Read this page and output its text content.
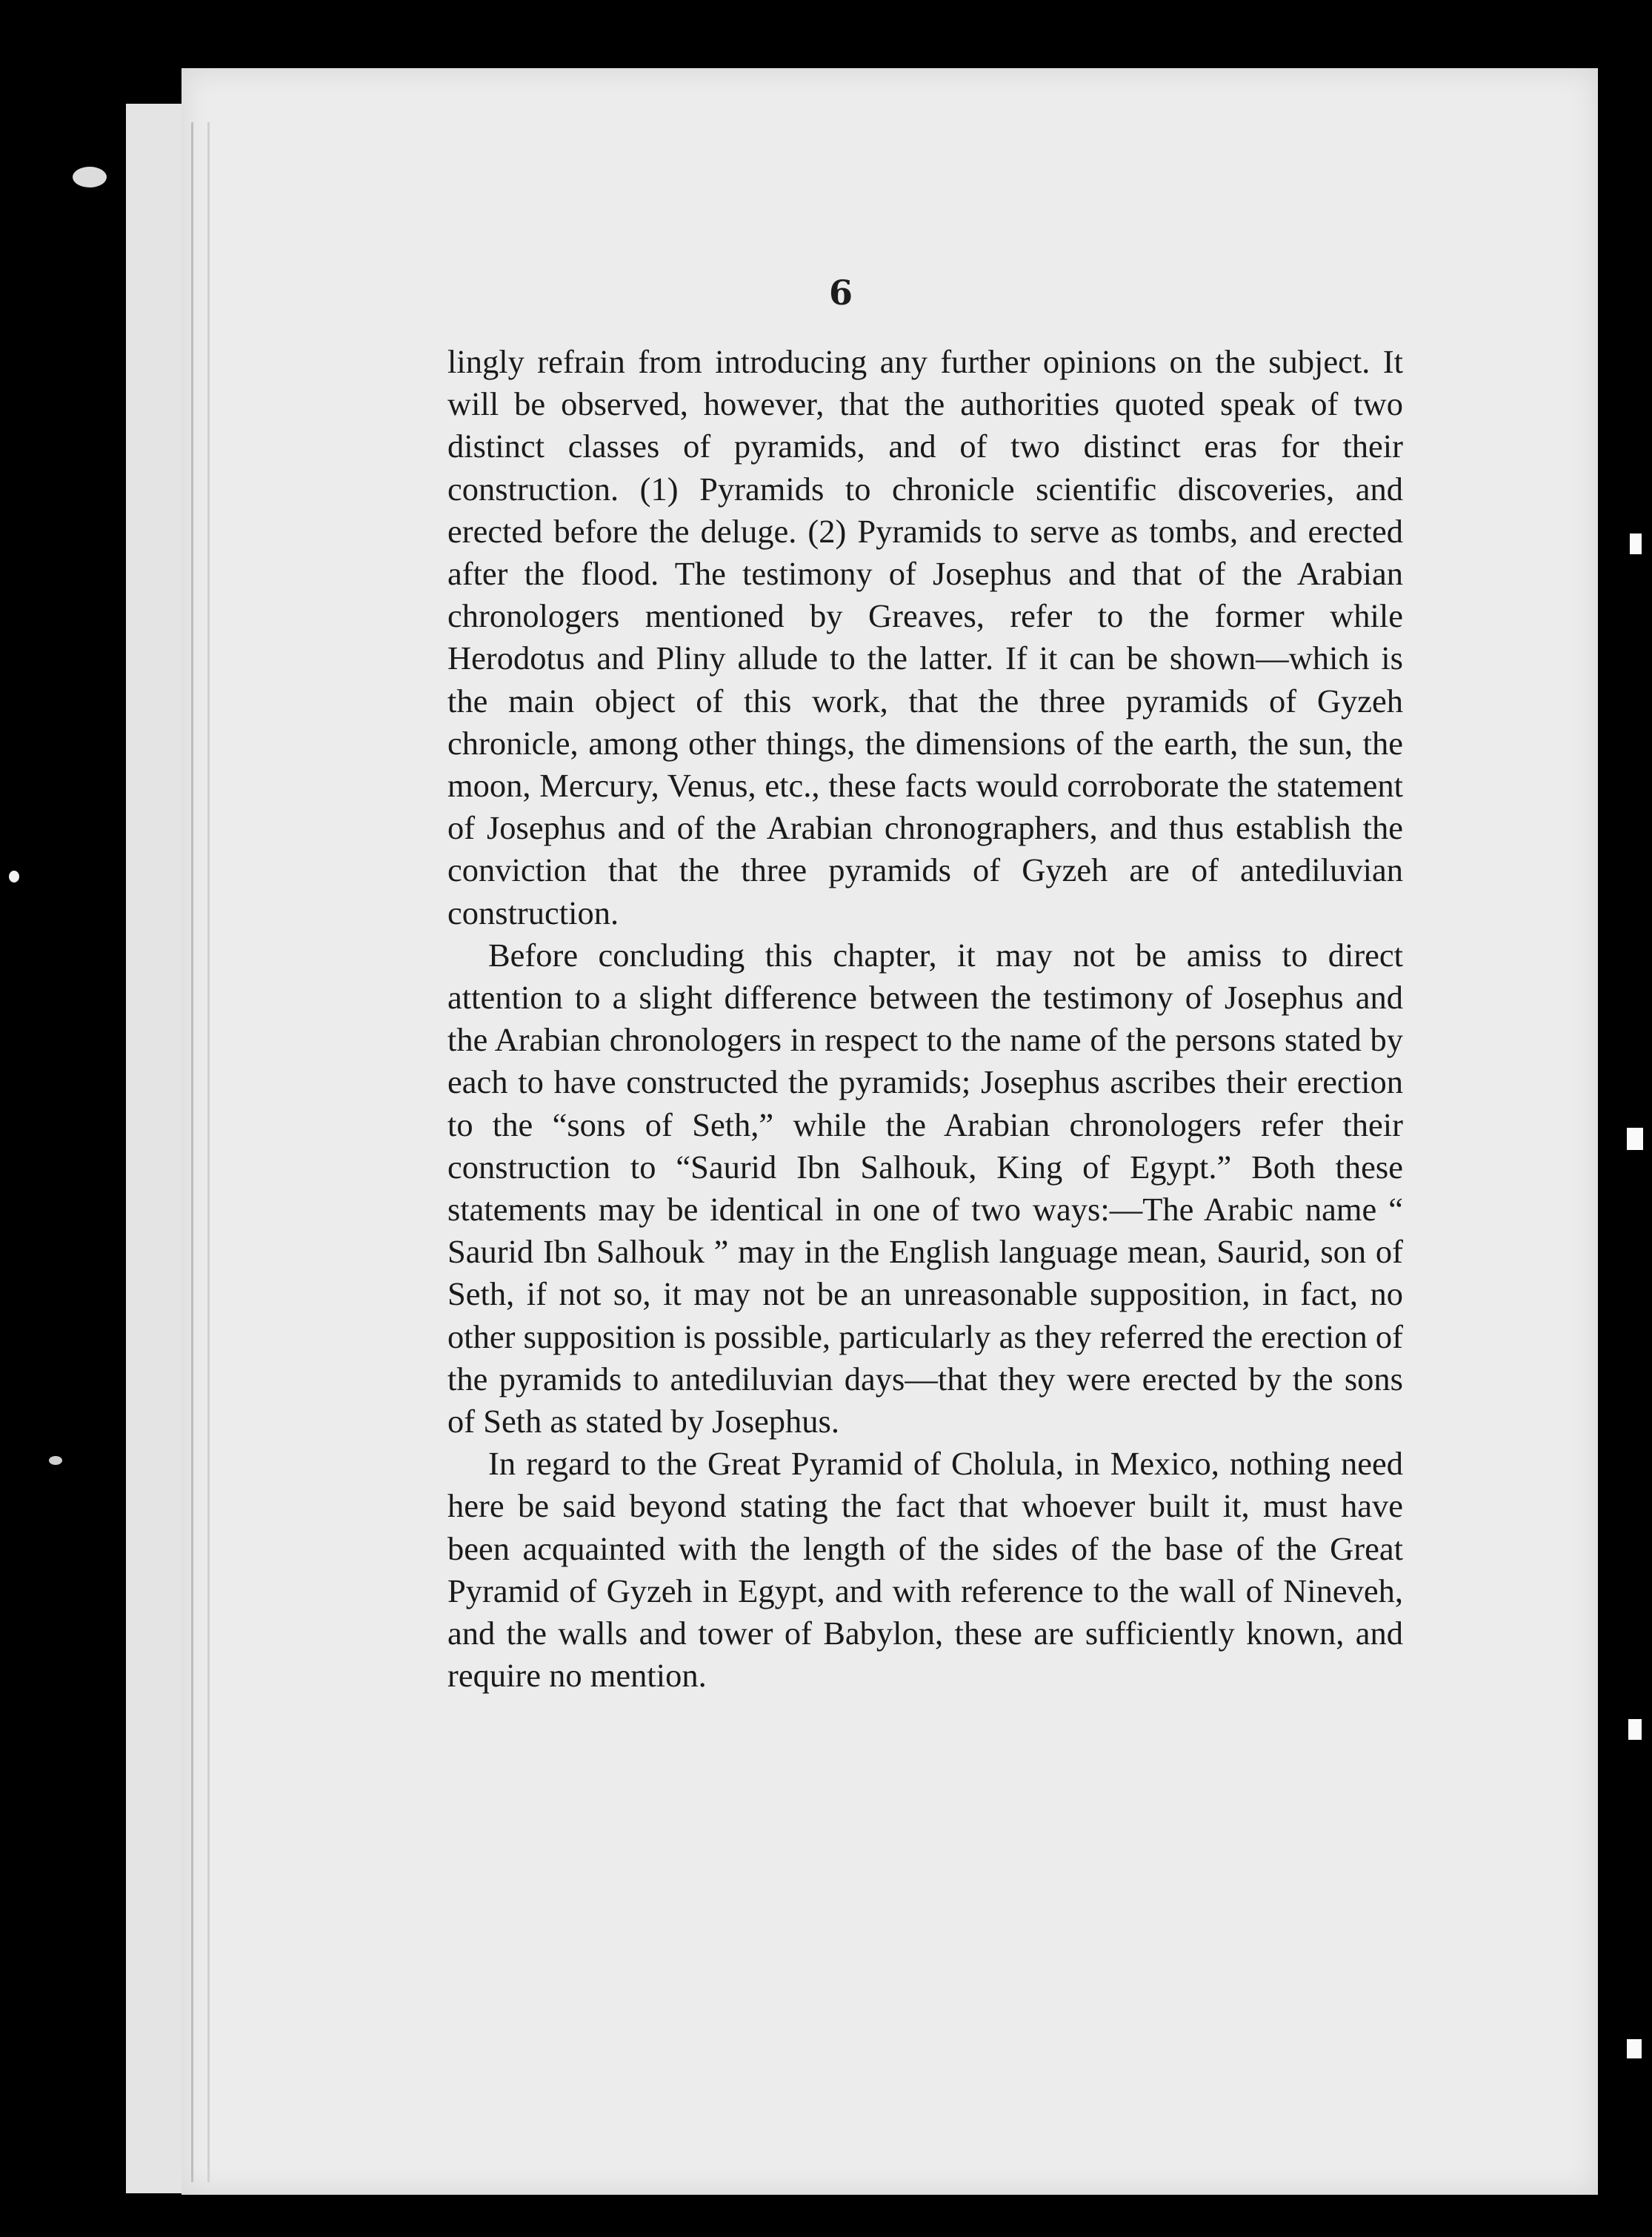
6

lingly refrain from introducing any further opinions on the subject. It will be observed, however, that the authorities quoted speak of two distinct classes of pyramids, and of two distinct eras for their construction. (1) Pyramids to chronicle scientific discoveries, and erected before the deluge. (2) Pyramids to serve as tombs, and erected after the flood. The testimony of Josephus and that of the Arabian chronologers mentioned by Greaves, refer to the former while Herodotus and Pliny allude to the latter. If it can be shown—which is the main object of this work, that the three pyramids of Gyzeh chronicle, among other things, the dimensions of the earth, the sun, the moon, Mercury, Venus, etc., these facts would corroborate the statement of Josephus and of the Arabian chronographers, and thus establish the conviction that the three pyramids of Gyzeh are of antediluvian construction.

Before concluding this chapter, it may not be amiss to direct attention to a slight difference between the testimony of Josephus and the Arabian chronologers in respect to the name of the persons stated by each to have constructed the pyramids; Josephus ascribes their erection to the “sons of Seth,” while the Arabian chronologers refer their construction to “Saurid Ibn Salhouk, King of Egypt.” Both these statements may be identical in one of two ways:—The Arabic name “ Saurid Ibn Salhouk ” may in the English language mean, Saurid, son of Seth, if not so, it may not be an unreasonable supposition, in fact, no other supposition is possible, particularly as they referred the erection of the pyramids to antediluvian days—that they were erected by the sons of Seth as stated by Josephus.

In regard to the Great Pyramid of Cholula, in Mexico, nothing need here be said beyond stating the fact that whoever built it, must have been acquainted with the length of the sides of the base of the Great Pyramid of Gyzeh in Egypt, and with reference to the wall of Nineveh, and the walls and tower of Babylon, these are sufficiently known, and require no mention.
